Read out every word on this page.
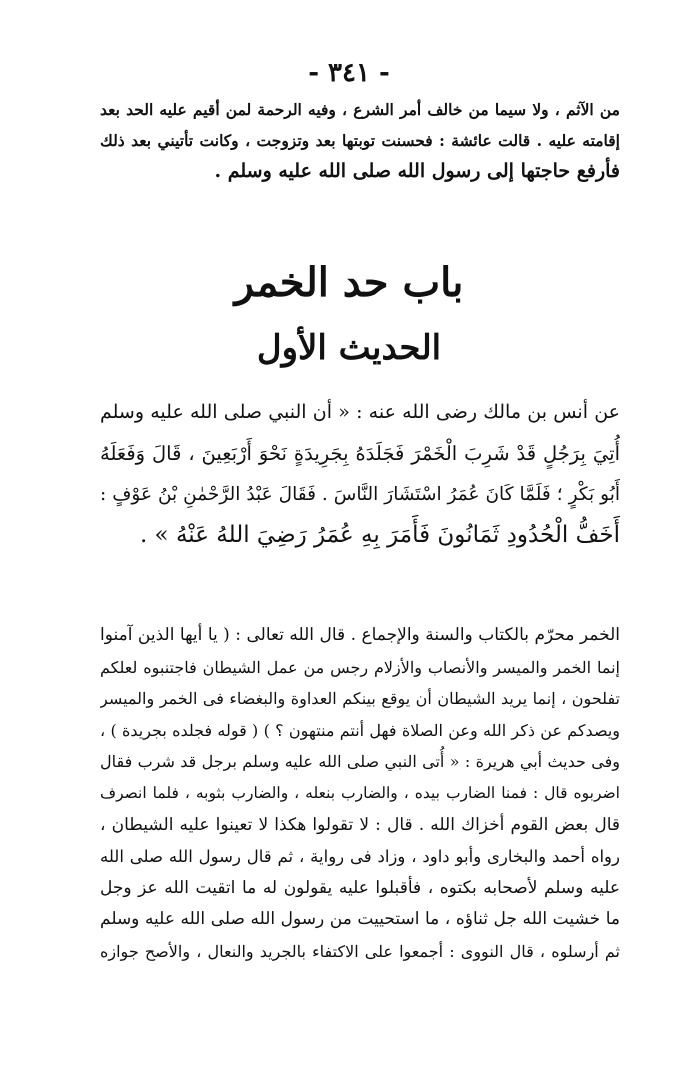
- ٣٤١ -
من الآثم ، ولا سيما من خالف أمر الشرع ، وفيه الرحمة لمن أقيم عليه الحد بعد
إقامته عليه . قالت عائشة : فحسنت توبتها بعد وتزوجت ، وكانت تأتيني بعد ذلك
فأرفع حاجتها إلى رسول الله صلى الله عليه وسلم .
باب حد الخمر
الحديث الأول
عن أنس بن مالك رضى الله عنه : « أن النبي صلى الله عليه وسلم
أُتِيَ بِرَجُلٍ قَدْ شَرِبَ الْخَمْرَ فَجَلَدَهُ بِجَرِيدَةٍ نَحْوَ أَرْبَعِينَ ، قَالَ وَفَعَلَهُ
أَبُو بَكْرٍ ؛ فَلَمَّا كَانَ عُمَرُ اسْتَشَارَ النَّاسَ . فَقَالَ عَبْدُ الرَّحْمٰنِ بْنُ عَوْفٍ :
أَخَفُّ الْحُدُودِ ثَمَانُونَ فَأَمَرَ بِهِ عُمَرُ رَضِيَ اللهُ عَنْهُ » .
الخمر محرّم بالكتاب والسنة والإجماع . قال الله تعالى : ( يا أيها الذين آمنوا
إنما الخمر والميسر والأنصاب والأزلام رجس من عمل الشيطان فاجتنبوه لعلكم
تفلحون ، إنما يريد الشيطان أن يوقع بينكم العداوة والبغضاء فى الخمر والميسر
ويصدكم عن ذكر الله وعن الصلاة فهل أنتم منتهون ؟ ) ( قوله فجلده بجريدة ) ،
وفى حديث أبي هريرة : « أُتى النبي صلى الله عليه وسلم برجل قد شرب فقال
اضربوه قال : فمنا الضارب بيده ، والضارب بنعله ، والضارب بثوبه ، فلما انصرف
قال بعض القوم أخزاك الله . قال : لا تقولوا هكذا لا تعينوا عليه الشيطان ،
رواه أحمد والبخارى وأبو داود ، وزاد فى رواية ، ثم قال رسول الله صلى الله
عليه وسلم لأصحابه بكتوه ، فأقبلوا عليه يقولون له ما اتقيت الله عز وجل
ما خشيت الله جل ثناؤه ، ما استحييت من رسول الله صلى الله عليه وسلم
ثم أرسلوه ، قال النووى : أجمعوا على الاكتفاء بالجريد والنعال ، والأصح جوازه
